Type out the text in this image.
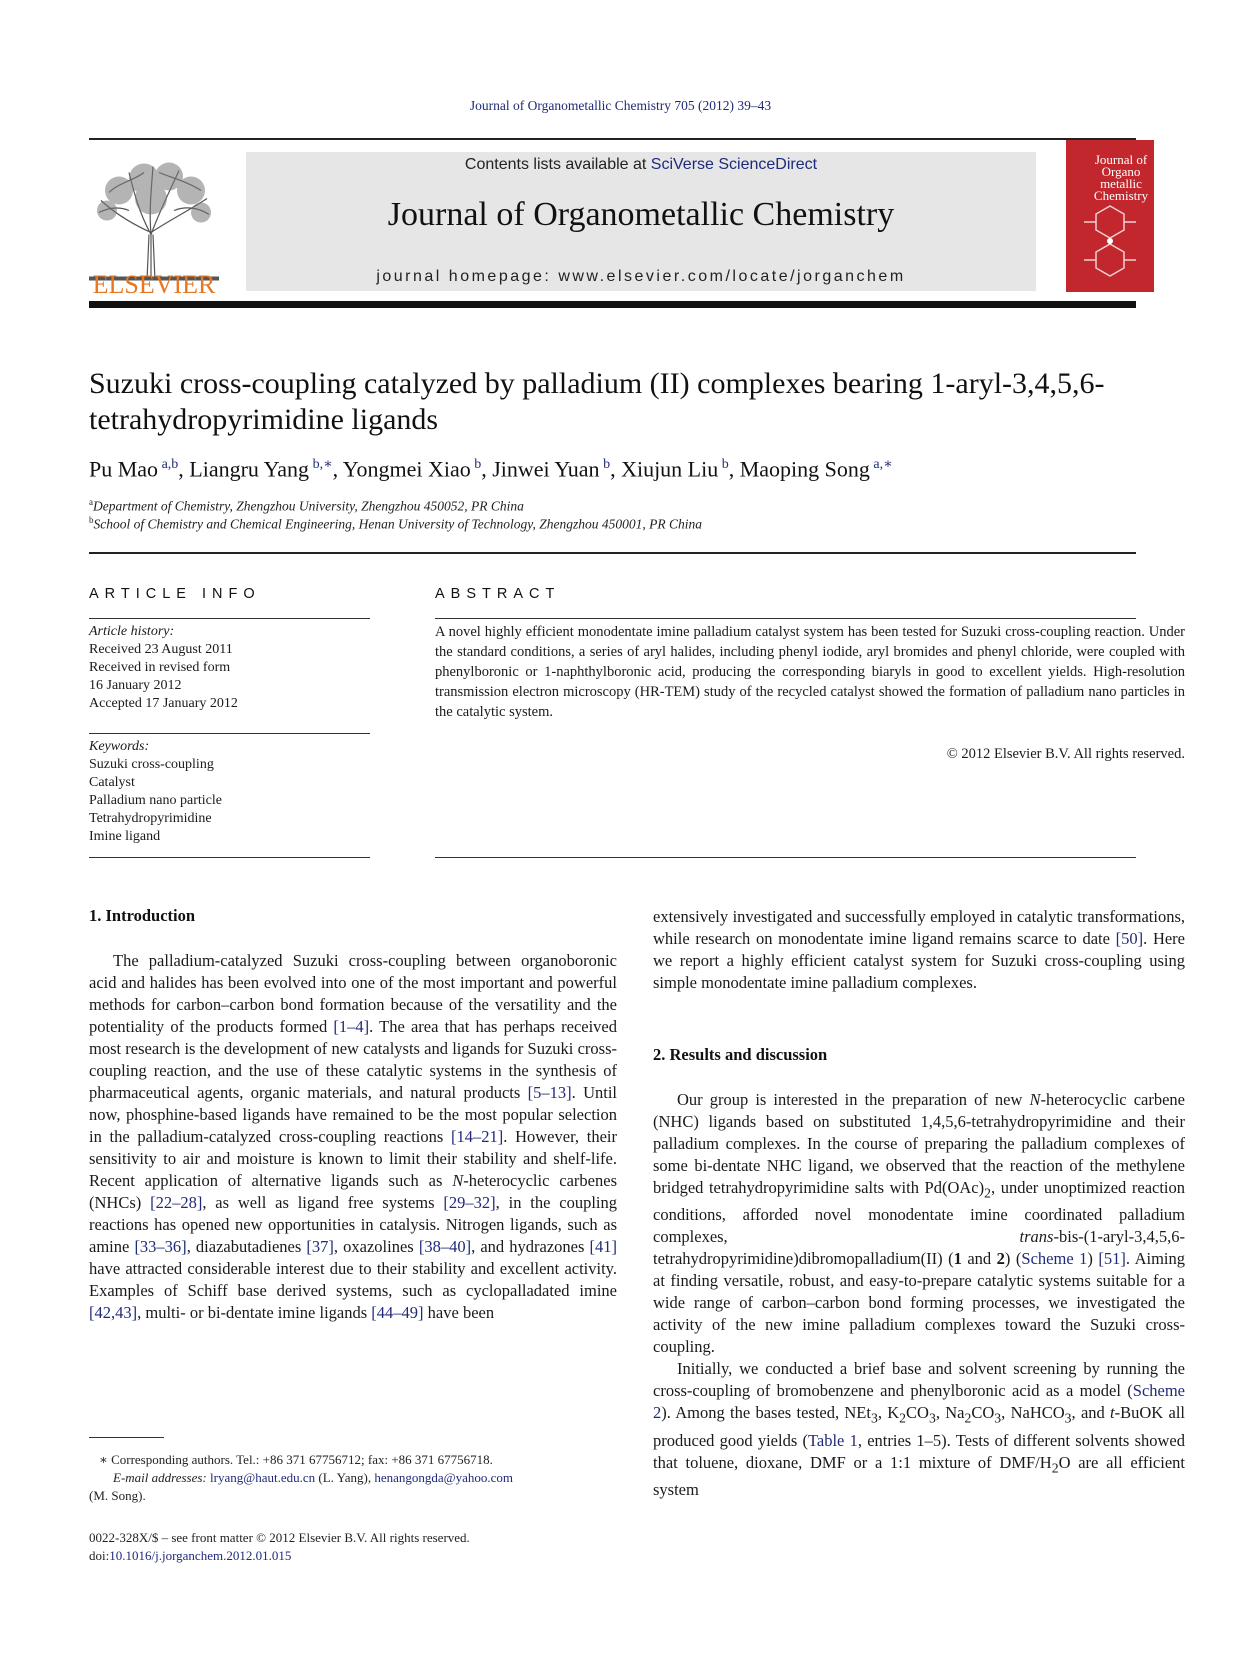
Journal of Organometallic Chemistry 705 (2012) 39–43
ELSEVIER
Contents lists available at SciVerse ScienceDirect
Journal of Organometallic Chemistry
journal homepage: www.elsevier.com/locate/jorganchem
Journal of Organo metallic Chemistry
Suzuki cross-coupling catalyzed by palladium (II) complexes bearing 1-aryl-3,4,5,6-tetrahydropyrimidine ligands
Pu Mao $^{a,b}$, Liangru Yang $^{b,∗}$, Yongmei Xiao $^b$, Jinwei Yuan $^b$, Xiujun Liu $^b$, Maoping Song $^{a,∗}$
$^a$Department of Chemistry, Zhengzhou University, Zhengzhou 450052, PR China
$^b$School of Chemistry and Chemical Engineering, Henan University of Technology, Zhengzhou 450001, PR China
ARTICLE INFO
Article history:
Received 23 August 2011
Received in revised form
16 January 2012
Accepted 17 January 2012
Keywords:
Suzuki cross-coupling
Catalyst
Palladium nano particle
Tetrahydropyrimidine
Imine ligand
ABSTRACT
A novel highly efficient monodentate imine palladium catalyst system has been tested for Suzuki cross-coupling reaction. Under the standard conditions, a series of aryl halides, including phenyl iodide, aryl bromides and phenyl chloride, were coupled with phenylboronic or 1-naphthylboronic acid, producing the corresponding biaryls in good to excellent yields. High-resolution transmission electron microscopy (HR-TEM) study of the recycled catalyst showed the formation of palladium nano particles in the catalytic system.
© 2012 Elsevier B.V. All rights reserved.
1. Introduction

The palladium-catalyzed Suzuki cross-coupling between organoboronic acid and halides has been evolved into one of the most important and powerful methods for carbon–carbon bond formation because of the versatility and the potentiality of the products formed [1–4]. The area that has perhaps received most research is the development of new catalysts and ligands for Suzuki cross-coupling reaction, and the use of these catalytic systems in the synthesis of pharmaceutical agents, organic materials, and natural products [5–13]. Until now, phosphine-based ligands have remained to be the most popular selection in the palladium-catalyzed cross-coupling reactions [14–21]. However, their sensitivity to air and moisture is known to limit their stability and shelf-life. Recent application of alternative ligands such as N-heterocyclic carbenes (NHCs) [22–28], as well as ligand free systems [29–32], in the coupling reactions has opened new opportunities in catalysis. Nitrogen ligands, such as amine [33–36], diazabutadienes [37], oxazolines [38–40], and hydrazones [41] have attracted considerable interest due to their stability and excellent activity. Examples of Schiff base derived systems, such as cyclopalladated imine [42,43], multi- or bi-dentate imine ligands [44–49] have been

∗ Corresponding authors. Tel.: +86 371 67756712; fax: +86 371 67756718.
E-mail addresses: lryang@haut.edu.cn (L. Yang), henangongda@yahoo.com
(M. Song).
0022-328X/$ – see front matter © 2012 Elsevier B.V. All rights reserved.
doi:10.1016/j.jorganchem.2012.01.015

extensively investigated and successfully employed in catalytic transformations, while research on monodentate imine ligand remains scarce to date [50]. Here we report a highly efficient catalyst system for Suzuki cross-coupling using simple monodentate imine palladium complexes.

2. Results and discussion

Our group is interested in the preparation of new N-heterocyclic carbene (NHC) ligands based on substituted 1,4,5,6-tetrahydropyrimidine and their palladium complexes. In the course of preparing the palladium complexes of some bi-dentate NHC ligand, we observed that the reaction of the methylene bridged tetrahydropyrimidine salts with $Pd(OAc)_2$, under unoptimized reaction conditions, afforded novel monodentate imine coordinated palladium complexes, trans-bis-(1-aryl-3,4,5,6-tetrahydropyrimidine)dibromopalladium(II) (1 and 2) (Scheme 1) [51]. Aiming at finding versatile, robust, and easy-to-prepare catalytic systems suitable for a wide range of carbon–carbon bond forming processes, we investigated the activity of the new imine palladium complexes toward the Suzuki cross-coupling.

Initially, we conducted a brief base and solvent screening by running the cross-coupling of bromobenzene and phenylboronic acid as a model (Scheme 2). Among the bases tested, NEt$_3$, $K_2CO_3$, $Na_2CO_3$, NaHCO$_3$, and t-BuOK all produced good yields (Table 1, entries 1–5). Tests of different solvents showed that toluene, dioxane, DMF or a 1:1 mixture of DMF/$H_2O$ are all efficient system
